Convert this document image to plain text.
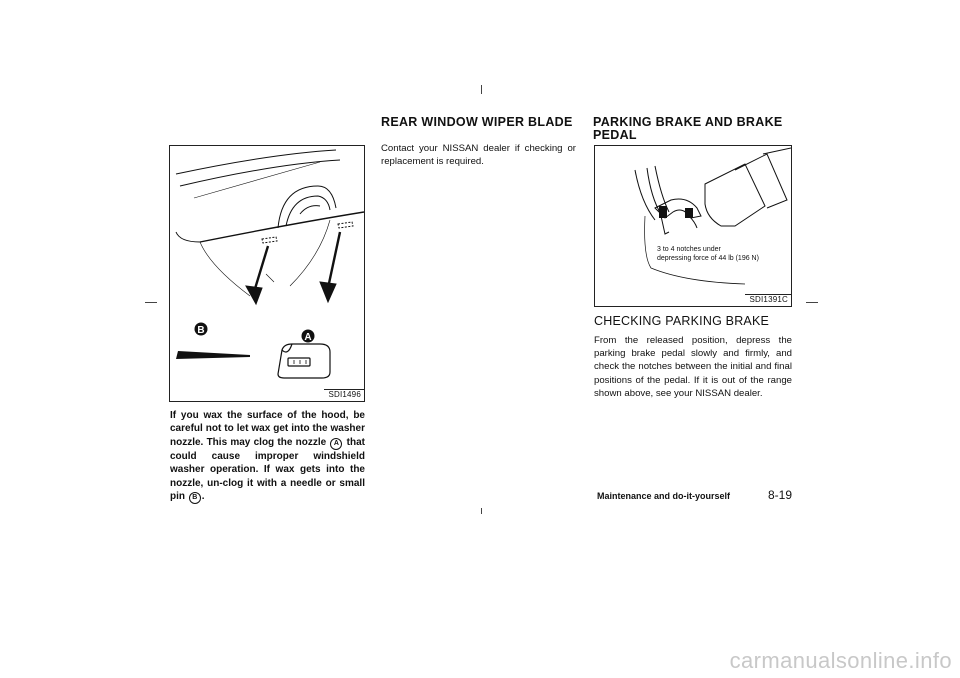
B
A
SDI1496
If you wax the surface of the hood, be careful not to let wax get into the washer nozzle. This may clog the nozzle A that could cause improper windshield washer operation. If wax gets into the nozzle, un-clog it with a needle or small pin B .
REAR WINDOW WIPER BLADE
Contact your NISSAN dealer if checking or replacement is required.
PARKING BRAKE AND BRAKE
PEDAL
3 to 4 notches under
depressing force of 44 lb (196 N)
SDI1391C
CHECKING PARKING BRAKE
From the released position, depress the parking brake pedal slowly and firmly, and check the notches between the initial and final positions of the pedal. If it is out of the range shown above, see your NISSAN dealer.
Maintenance and do-it-yourself	8-19
carmanualsonline.info
